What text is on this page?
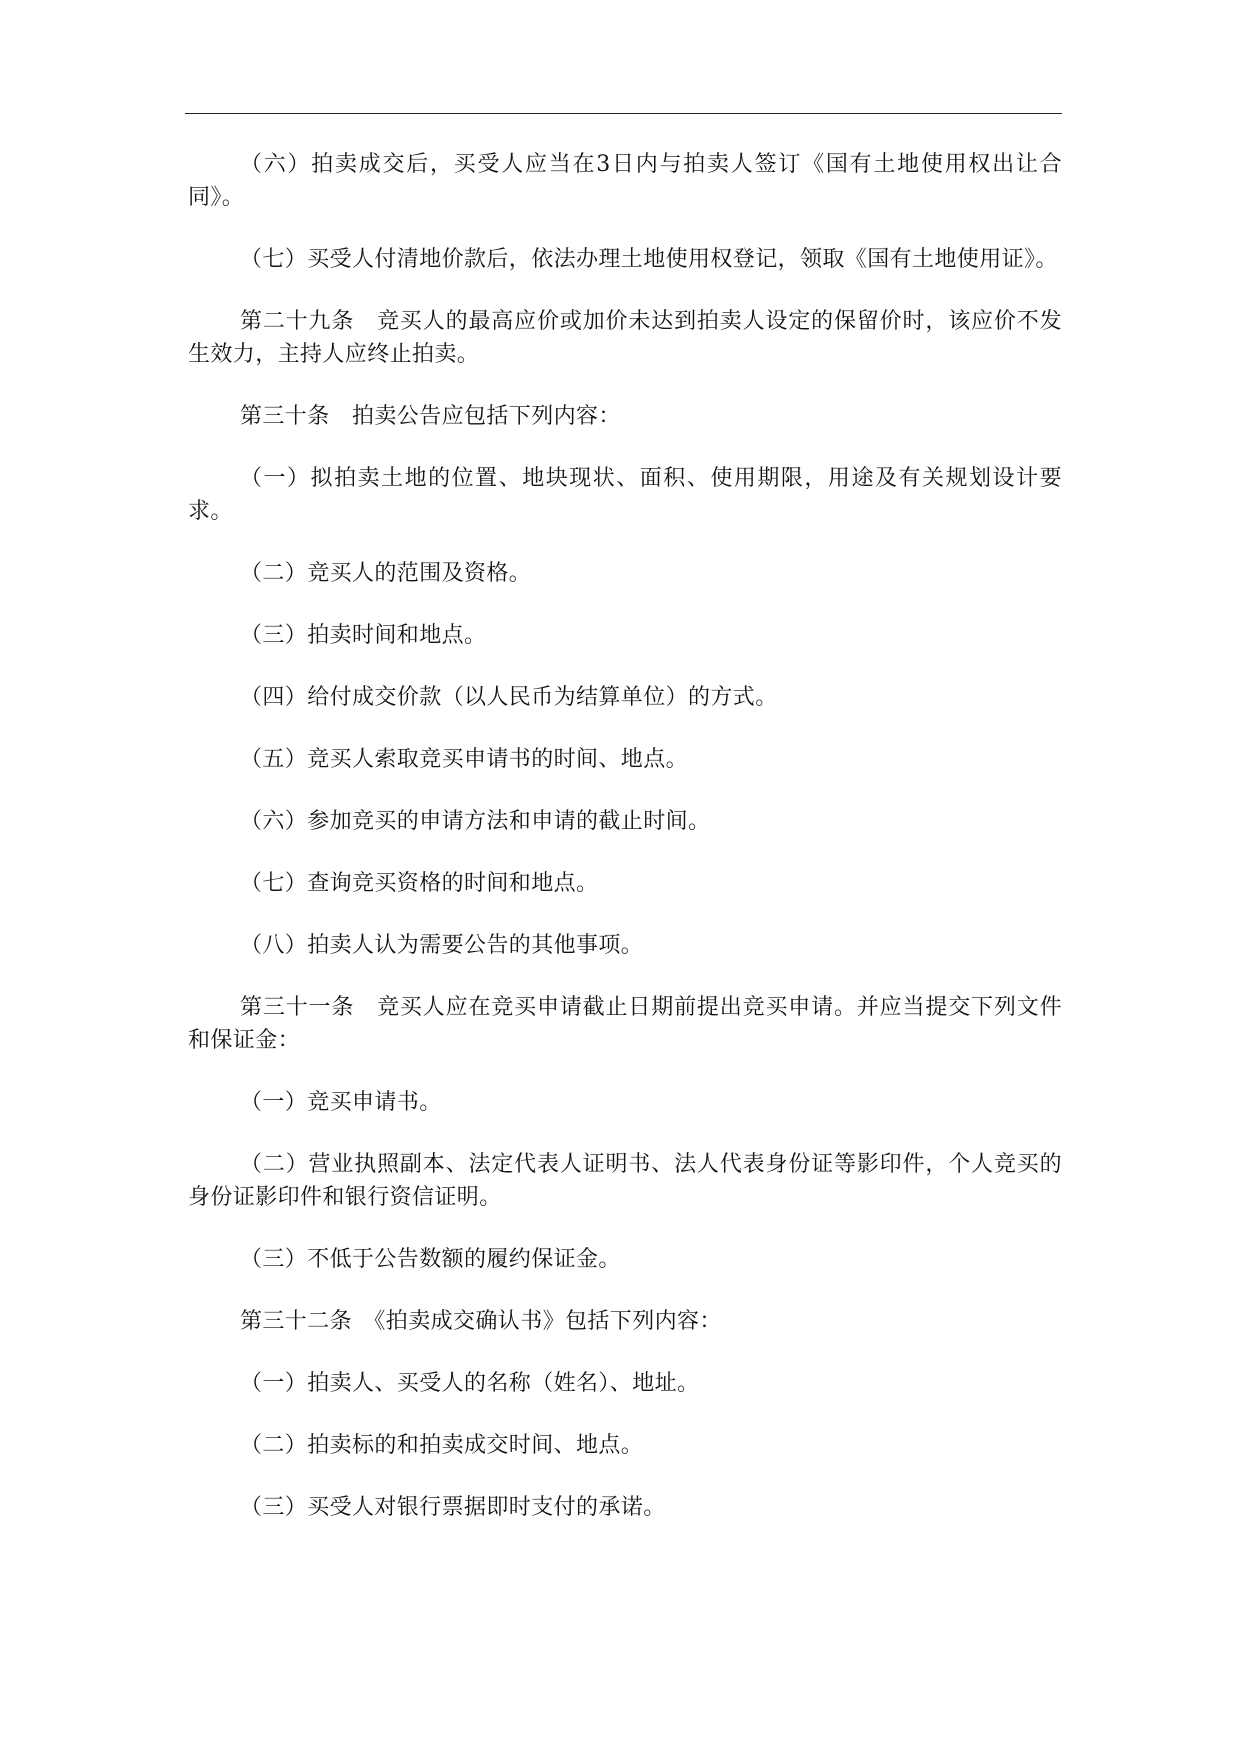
（六）拍卖成交后，买受人应当在3日内与拍卖人签订《国有土地使用权出让合同》。

（七）买受人付清地价款后，依法办理土地使用权登记，领取《国有土地使用证》。

第二十九条　竞买人的最高应价或加价未达到拍卖人设定的保留价时，该应价不发生效力，主持人应终止拍卖。

第三十条　拍卖公告应包括下列内容：

（一）拟拍卖土地的位置、地块现状、面积、使用期限，用途及有关规划设计要求。

（二）竞买人的范围及资格。

（三）拍卖时间和地点。

（四）给付成交价款（以人民币为结算单位）的方式。

（五）竞买人索取竞买申请书的时间、地点。

（六）参加竞买的申请方法和申请的截止时间。

（七）查询竞买资格的时间和地点。

（八）拍卖人认为需要公告的其他事项。

第三十一条　竞买人应在竞买申请截止日期前提出竞买申请。并应当提交下列文件和保证金：

（一）竞买申请书。

（二）营业执照副本、法定代表人证明书、法人代表身份证等影印件，个人竞买的身份证影印件和银行资信证明。

（三）不低于公告数额的履约保证金。

第三十二条　《拍卖成交确认书》包括下列内容：

（一）拍卖人、买受人的名称（姓名）、地址。

（二）拍卖标的和拍卖成交时间、地点。

（三）买受人对银行票据即时支付的承诺。
